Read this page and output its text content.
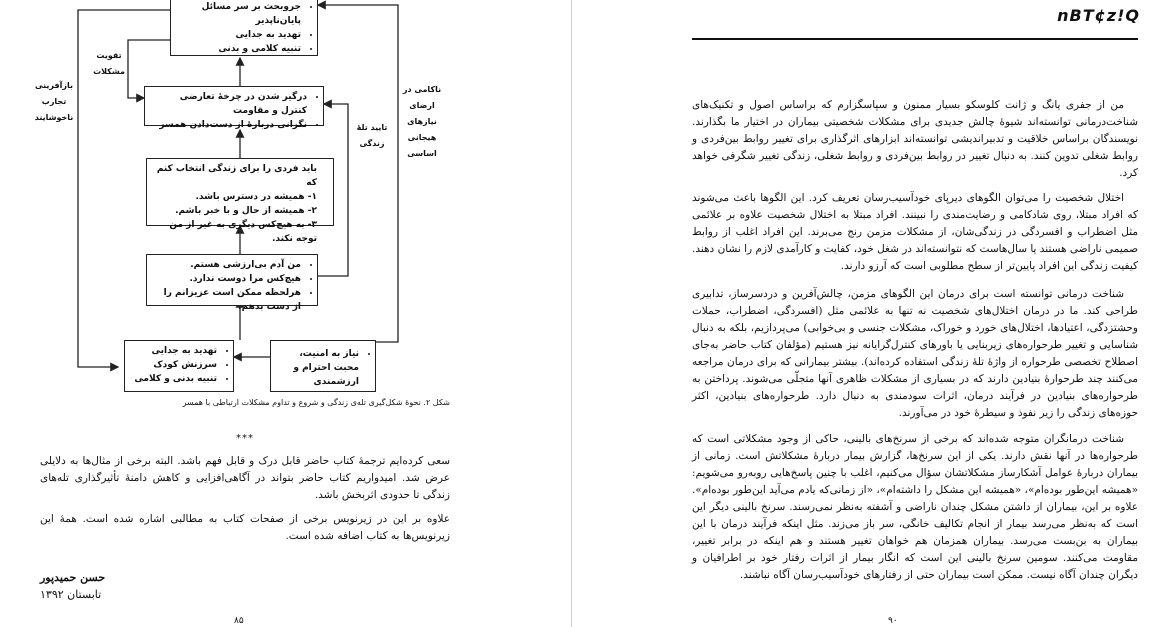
• جروبحث بر سر مسائل پایان‌ناپذیر
• تهدید به جدایی
• تنبیه کلامی و بدنی
• درگیر شدن در چرخهٔ تعارضی کنترل و مقاومت
• نگرانی دربارهٔ از دست‌دادن همسر
باید فردی را برای زندگی انتخاب کنم که
۱- همیشه در دسترس باشد.
۲- همیشه از حال و با خبر باشم.
۳- به هیچ‌کس دیگری به غیر از من توجه نکند.
• من آدم بی‌ارزشی هستم.
• هیچ‌کس مرا دوست ندارد.
• هرلحظه ممکن است عزیزانم را از دست بدهم.
• تهدید به جدایی
• سرزنش کودک
• تنبیه بدنی و کلامی
• نیاز به امنیت، محبت احترام و ارزشمندی
بازآفرینی تجارب ناخوشایند
تقویت مشکلات
تایید تلهٔ زندگی
ناکامی در ارضای نیازهای هیجانی اساسی
شکل ۲. نحوهٔ شکل‌گیری تله‌ی زندگی و شروع و تداوم مشکلات ارتباطی با همسر
***
سعی کرده‌ایم ترجمهٔ کتاب حاضر قابل درک و قابل فهم باشد. البته برخی از مثال‌ها به دلایلی عرض شد. امیدواریم کتاب حاضر بتواند در آگاهی‌افزایی و کاهش دامنهٔ تأثیرگذاری تله‌های زندگی تا حدودی اثربخش باشد.
علاوه بر این در زیرنویس برخی از صفحات کتاب به مطالبی اشاره شده است. همهٔ این زیرنویس‌ها به کتاب اضافه شده است.
حسن حمیدپور
تابستان ۱۳۹۲
۸۵
nBT¢z!Q
من از جفری یانگ و ژانت کلوسکو بسیار ممنون و سپاسگزارم که براساس اصول و تکنیک‌های شناخت‌درمانی توانسته‌اند شیوهٔ چالش جدیدی برای مشکلات شخصیتی بیماران در اختیار ما بگذارند. نویسندگان براساس خلاقیت و تدبیراندیشی توانسته‌اند ابزارهای اثرگذاری برای تغییر روابط بین‌فردی و روابط شغلی تدوین کنند. به دنبال تغییر در روابط بین‌فردی و روابط شغلی، زندگی تغییر شگرفی خواهد کرد.
اختلال شخصیت را می‌توان الگوهای دیرپای خودآسیب‌رسان تعریف کرد. این الگوها باعث می‌شوند که افراد مبتلا، روی شادکامی و رضایت‌مندی را نبینند. افراد مبتلا به اختلال شخصیت علاوه بر علائمی مثل اضطراب و افسردگی در زندگی‌شان، از مشکلات مزمن رنج می‌برند. این افراد اغلب از روابط صمیمی ناراضی هستند یا سال‌هاست که نتوانسته‌اند در شغل خود، کفایت و کارآمدی لازم را نشان دهند. کیفیت زندگی این افراد پایین‌تر از سطح مطلوبی است که آرزو دارند.
شناخت درمانی توانسته است برای درمان این الگوهای مزمن، چالش‌آفرین و دردسرساز، تدابیری طراحی کند. ما در درمان اختلال‌های شخصیت نه تنها به علائمی مثل (افسردگی، اضطراب، حملات وحشتزدگی، اعتیادها، اختلال‌های خورد و خوراک، مشکلات جنسی و بی‌خوابی) می‌پردازیم، بلکه به دنبال شناسایی و تغییر طرحواره‌های زیربنایی یا باورهای کنترل‌گرایانه نیز هستیم (مؤلفان کتاب حاضر به‌جای اصطلاح تخصصی طرحواره از واژهٔ تلهٔ زندگی استفاده کرده‌اند). بیشتر بیمارانی که برای درمان مراجعه می‌کنند چند طرحوارهٔ بنیادین دارند که در بسیاری از مشکلات ظاهری آنها متجلّی می‌شوند. پرداختن به طرحواره‌های بنیادین در فرآیند درمان، اثرات سودمندی به دنبال دارد. طرحواره‌های بنیادین، اکثر حوزه‌های زندگی را زیر نفوذ و سیطرهٔ خود در می‌آورند.
شناخت درمانگران متوجه شده‌اند که برخی از سرنخ‌های بالینی، حاکی از وجود مشکلاتی است که طرحواره‌ها در آنها نقش دارند. یکی از این سرنخ‌ها، گزارش بیمار دربارهٔ مشکلاتش است. زمانی از بیماران دربارهٔ عوامل آشکارساز مشکلاتشان سؤال می‌کنیم، اغلب با چنین پاسخ‌هایی روبه‌رو می‌شویم: «همیشه این‌طور بوده‌ام»، «همیشه این مشکل را داشته‌ام»، «از زمانی‌که یادم می‌آید این‌طور بوده‌ام». علاوه بر این، بیماران از داشتن مشکل چندان ناراضی و آشفته به‌نظر نمی‌رسند. سرنخ بالینی دیگر این است که به‌نظر می‌رسد بیمار از انجام تکالیف خانگی، سر باز می‌زند. مثل اینکه فرآیند درمان با این بیماران به بن‌بست می‌رسد. بیماران همزمان هم خواهان تغییر هستند و هم اینکه در برابر تغییر، مقاومت می‌کنند. سومین سرنخ بالینی این است که انگار بیمار از اثرات رفتار خود بر اطرافیان و دیگران چندان آگاه نیست. ممکن است بیماران حتی از رفتارهای خودآسیب‌رسان آگاه نباشند.
۹۰
